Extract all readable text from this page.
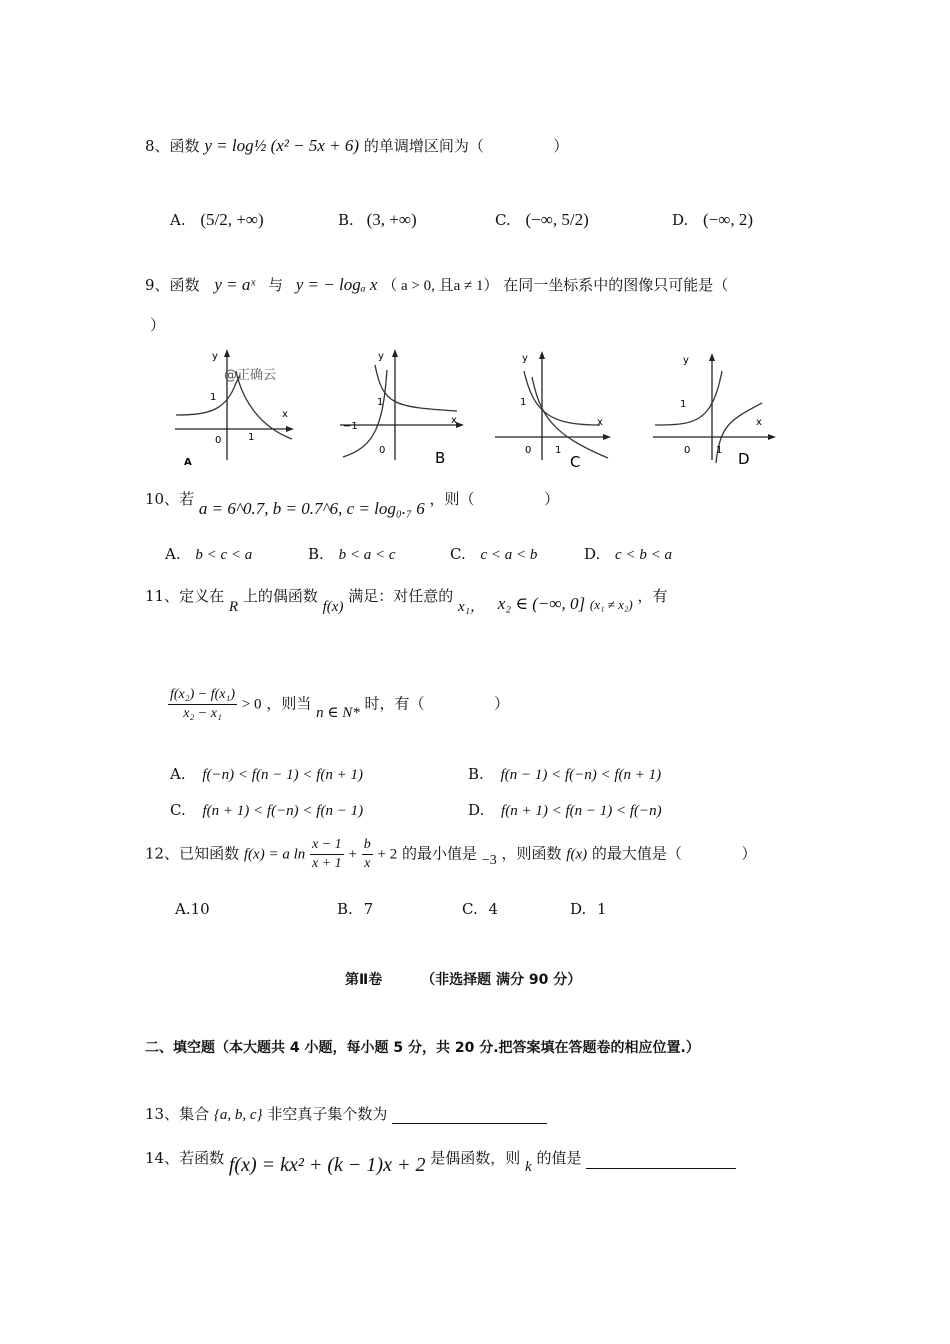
8、函数 y = log½ (x² − 5x + 6) 的单调增区间为（	）
A. (5/2, +∞)	B. (3, +∞)	C. (−∞, 5/2)	D. (−∞, 2)
9、函数 y = aˣ 与 y = − logₐ x （ a > 0, 且a ≠ 1） 在同一坐标系中的图像只可能是（
）
y
x
1
0	1
@正确云
A
y
x
1
−1
0	B
y
x
1
0 1
C
y
x
1
0	1 D
10、若 a = 6^0.7, b = 0.7^6, c = log₀.₇ 6 ，则（	）
A. b < c < a	B. b < a < c	C. c < a < b	D. c < b < a
11、定义在 R 上的偶函数 f(x) 满足：对任意的 x₁， x₂ ∈ (−∞, 0] (x₁ ≠ x₂) ，有
$\frac{\text{f(x₂) − f(x₁)}}{\text{x₂ − x₁}} > 0$ ，则当 n ∈ N* 时，有（	）
A. f(−n) < f(n − 1) < f(n + 1)	B. f(n − 1) < f(−n) < f(n + 1)
C. f(n + 1) < f(−n) < f(n − 1)	D. f(n + 1) < f(n − 1) < f(−n)
12、已知函数 f(x) = a $\ln \frac{x - 1}{x + 1} + \frac{b}{x} + 2$ 的最小值是 −3 ，则函数 f(x) 的最大值是（	）
A.10	B. 7	C. 4	D. 1
第Ⅱ卷	（非选择题 满分 90 分）
二、填空题（本大题共 4 小题，每小题 5 分，共 20 分.把答案填在答题卷的相应位置.）
13、集合 {a, b, c} 非空真子集个数为
14、若函数 f(x) = kx² + (k − 1)x + 2 是偶函数，则 k 的值是
